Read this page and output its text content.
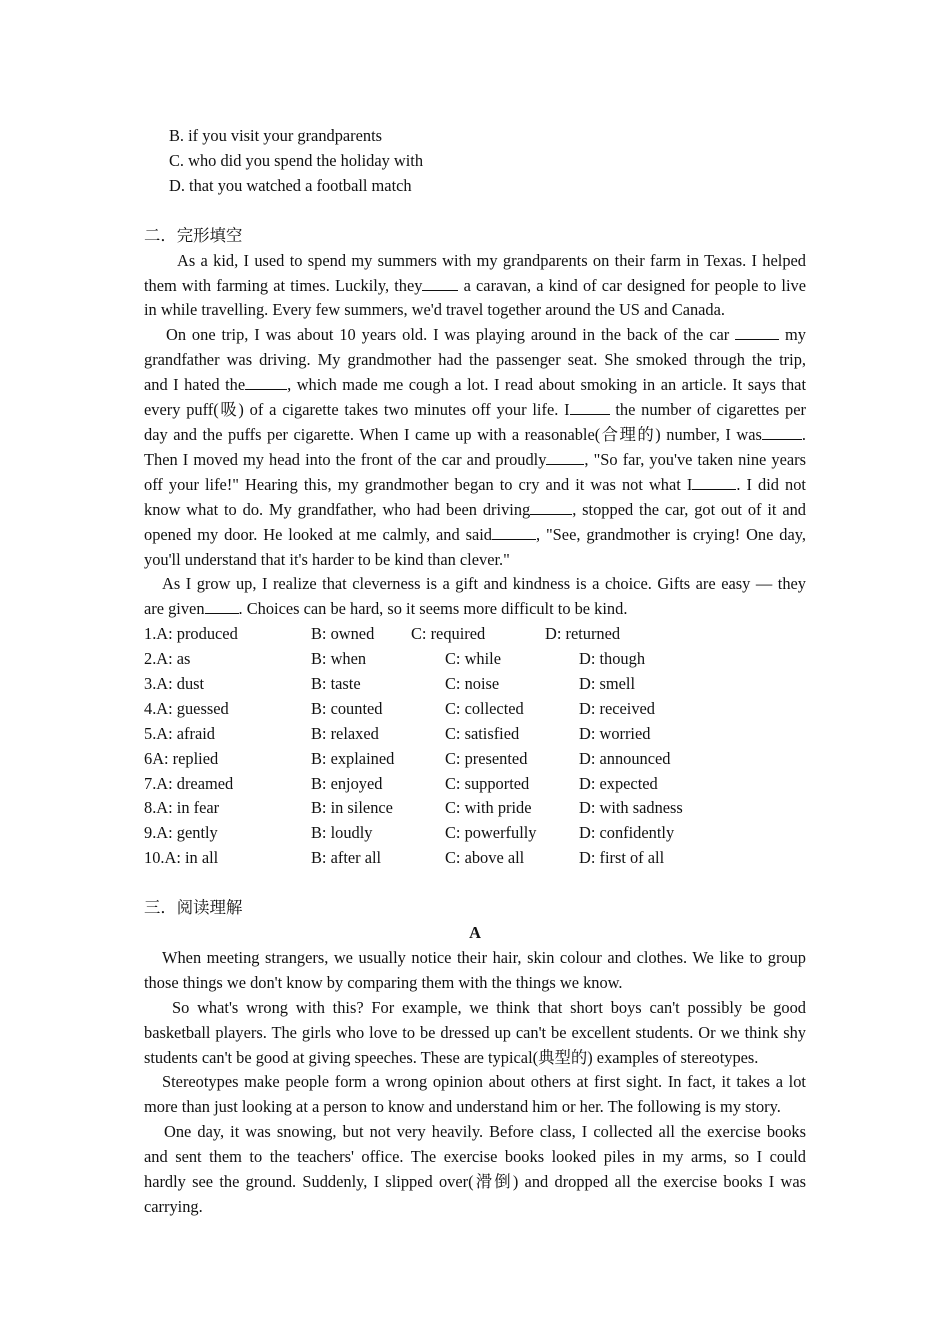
B. if you visit your grandparents
C. who did you spend the holiday with
D. that you watched a football match
二．完形填空
As a kid, I used to spend my summers with my grandparents on their farm in Texas. I helped
them with farming at times. Luckily, they a caravan, a kind of car designed for people to live
in while travelling. Every few summers, we'd travel together around the US and Canada.
On one trip, I was about 10 years old. I was playing around in the back of the car	my
grandfather was driving. My grandmother had the passenger seat. She smoked through the trip,
and I hated the	, which made me cough a lot. I read about smoking in an article. It says that
every puff(吸) of a cigarette takes two minutes off your life. I the number of cigarettes per
day and the puffs per cigarette. When I came up with a reasonable(合理的) number, I was .
Then I moved my head into the front of the car and proudly , "So far, you've taken nine years
off your life!" Hearing this, my grandmother began to cry and it was not what I	. I did not
know what to do. My grandfather, who had been driving	, stopped the car, got out of it and
opened my door. He looked at me calmly, and said	, "See, grandmother is crying! One day,
you'll understand that it's harder to be kind than clever."
As I grow up, I realize that cleverness is a gift and kindness is a choice. Gifts are easy — they
are given . Choices can be hard, so it seems more difficult to be kind.
1.A: produced	B: owned C: required	D: returned
2.A: as	B: when	C: while	D: though
3.A: dust	B: taste	C: noise	D: smell
4.A: guessed	B: counted	C: collected	D: received
5.A: afraid	B: relaxed	C: satisfied	D: worried
6A: replied	B: explained	C: presented	D: announced
7.A: dreamed	B: enjoyed	C: supported	D: expected
8.A: in fear	B: in silence	C: with pride	D: with sadness
9.A: gently	B: loudly	C: powerfully	D: confidently
10.A: in all	B: after all	C: above all	D: first of all
三．阅读理解
A
When meeting strangers, we usually notice their hair, skin colour and clothes. We like to group
those things we don't know by comparing them with the things we know.
So what's wrong with this? For example, we think that short boys can't possibly be good
basketball players. The girls who love to be dressed up can't be excellent students. Or we think shy
students can't be good at giving speeches. These are typical(典型的) examples of stereotypes.
Stereotypes make people form a wrong opinion about others at first sight. In fact, it takes a lot
more than just looking at a person to know and understand him or her. The following is my story.
One day, it was snowing, but not very heavily. Before class, I collected all the exercise books
and sent them to the teachers' office. The exercise books looked piles in my arms, so I could
hardly see the ground. Suddenly, I slipped over(滑倒) and dropped all the exercise books I was
carrying.
